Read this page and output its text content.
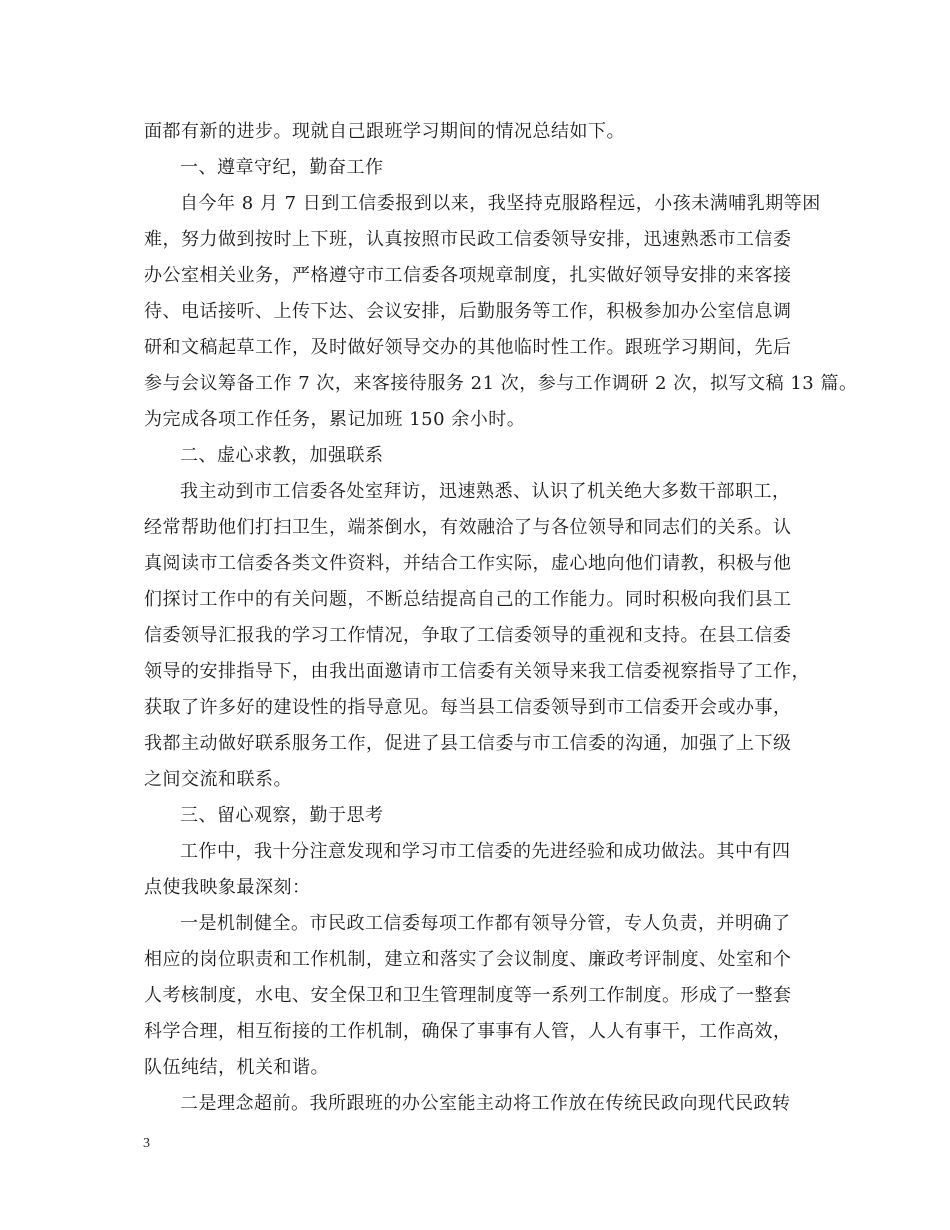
面都有新的进步。现就自己跟班学习期间的情况总结如下。
一、遵章守纪，勤奋工作
自今年 8 月 7 日到工信委报到以来，我坚持克服路程远，小孩未满哺乳期等困
难，努力做到按时上下班，认真按照市民政工信委领导安排，迅速熟悉市工信委
办公室相关业务，严格遵守市工信委各项规章制度，扎实做好领导安排的来客接
待、电话接听、上传下达、会议安排，后勤服务等工作，积极参加办公室信息调
研和文稿起草工作，及时做好领导交办的其他临时性工作。跟班学习期间，先后
参与会议筹备工作 7 次，来客接待服务 21 次，参与工作调研 2 次，拟写文稿 13 篇。
为完成各项工作任务，累记加班 150 余小时。
二、虚心求教，加强联系
我主动到市工信委各处室拜访，迅速熟悉、认识了机关绝大多数干部职工，
经常帮助他们打扫卫生，端茶倒水，有效融洽了与各位领导和同志们的关系。认
真阅读市工信委各类文件资料，并结合工作实际，虚心地向他们请教，积极与他
们探讨工作中的有关问题，不断总结提高自己的工作能力。同时积极向我们县工
信委领导汇报我的学习工作情况，争取了工信委领导的重视和支持。在县工信委
领导的安排指导下，由我出面邀请市工信委有关领导来我工信委视察指导了工作，
获取了许多好的建设性的指导意见。每当县工信委领导到市工信委开会或办事，
我都主动做好联系服务工作，促进了县工信委与市工信委的沟通，加强了上下级
之间交流和联系。
三、留心观察，勤于思考
工作中，我十分注意发现和学习市工信委的先进经验和成功做法。其中有四
点使我映象最深刻：
一是机制健全。市民政工信委每项工作都有领导分管，专人负责，并明确了
相应的岗位职责和工作机制，建立和落实了会议制度、廉政考评制度、处室和个
人考核制度，水电、安全保卫和卫生管理制度等一系列工作制度。形成了一整套
科学合理，相互衔接的工作机制，确保了事事有人管，人人有事干，工作高效，
队伍纯结，机关和谐。
二是理念超前。我所跟班的办公室能主动将工作放在传统民政向现代民政转
3
